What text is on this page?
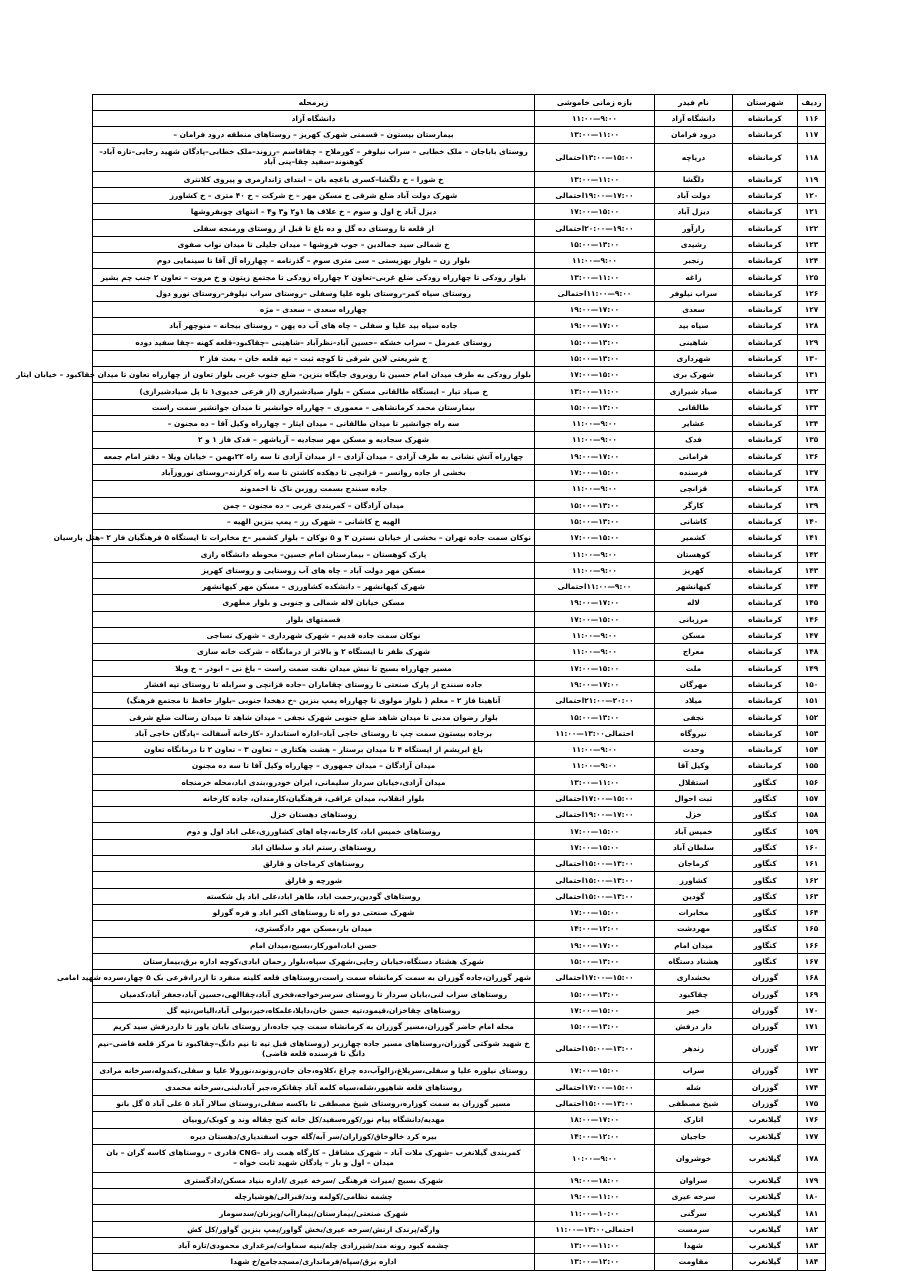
ردیف	شهرستان	نام فیدر	بازه زمانی خاموشی	زیرمحله
۱۱۶	کرمانشاه	دانشگاه آزاد	۹:۰۰—۱۱:۰۰	دانشگاه آزاد
۱۱۷	کرمانشاه	درود فرامان	۱۱:۰۰—۱۳:۰۰	بیمارستان بیستون – قسمتی شهرک کهریز – روستاهای منطقه درود فرامان –
۱۱۸	کرمانشاه	دریاچه	۱۵:۰۰—۱۳:۰۰احتمالی	روستای باباجان – ملک خطابی – سراب نیلوفر – کورملاح – چقاقاسم –رزوند–ملک خطابی–پادگان شهید رجایی–تازه آباد–کوهنوند–سفید چقا–پنی آباد
۱۱۹	کرمانشاه	دلگشا	۱۱:۰۰—۱۳:۰۰	خ شورا – خ دلگشا–کسری باغچه بان – ابتدای ژاندارمری و پیروی کلانتری
۱۲۰	کرمانشاه	دولت آباد	۱۷:۰۰—۱۹:۰۰احتمالی	شهرک دولت آباد ضلع شرقی خ مسکن مهر – خ شرکت – خ ۴۰ متری – خ کشاورز
۱۲۱	کرمانشاه	دیزل آباد	۱۵:۰۰—۱۷:۰۰	دیزل آباد خ اول و سوم – خ علاف ها ۱و۲ و۳ و۴ – انتهای چوبفروشها
۱۲۲	کرمانشاه	رازآور	۱۹:۰۰—۲۰:۰۰احتمالی	از قلعه تا روستای ده گل و ده باغ تا قبل از روستای ورمنجه سفلی
۱۲۳	کرمانشاه	رشیدی	۱۳:۰۰—۱۵:۰۰	خ شمالی سید جمالدین – جوب فروشها – میدان جلیلی تا میدان نواب صفوی
۱۲۴	کرمانشاه	رنجبر	۹:۰۰—۱۱:۰۰	بلوار زن – بلوار بهزیستی – سی متری سوم – گذرنامه – چهارراه آل آقا تا سینمایی دوم
۱۲۵	کرمانشاه	زاغه	۱۱:۰۰—۱۳:۰۰	بلوار رودکی تا چهارراه رودکی ضلع غربی–تعاون ۲ چهارراه رودکی تا مجتمع زیتون و خ مروت – تعاون ۲ جنب چم بشیر
۱۲۶	کرمانشاه	سراب نیلوفر	۹:۰۰—۱۱:۰۰احتمالی	روستای سیاه کمر–روستای بلوه علیا وسفلی –روستای سراب نیلوفر–روستای نورو دول
۱۲۷	کرمانشاه	سعدی	۱۷:۰۰—۱۹:۰۰	چهارراه سعدی – سعدی – مژه
۱۲۸	کرمانشاه	سیاه بید	۱۷:۰۰—۱۹:۰۰	جاده سیاه بید علیا و سفلی – چاه های آب ده پهن – روستای بیجانه – منوچهر آباد
۱۲۹	کرمانشاه	شاهینی	۱۳:۰۰—۱۵:۰۰	روستای عمرمل – سراب خشکه –حسین آباد–نظرآباد –شاهینی –چقاکبود–قلعه کهنه –چقا سفید دوده
۱۳۰	کرمانشاه	شهرداری	۱۳:۰۰—۱۵:۰۰	خ شریعتی لاین شرقی تا کوچه ثبت – تپه قلعه خان – بعث فاز ۲
۱۳۱	کرمانشاه	شهرک بری	۱۵:۰۰—۱۷:۰۰	بلوار رودکی به طرف میدان امام حسین تا روبروی جایگاه بنزین– ضلع جنوب غربی بلوار تعاون از چهارراه تعاون تا میدان چقاکبود – خیابان ایثار
۱۳۲	کرمانشاه	صیاد شیرازی	۱۱:۰۰—۱۳:۰۰	خ صیاد تیار – ایستگاه طالقانی مسکن – بلوار صیادشیرازی (از فرعی خدیوی۱ تا پل صیادشیرازی)
۱۳۳	کرمانشاه	طالقانی	۱۳:۰۰—۱۵:۰۰	بیمارستان محمد کرمانشاهی – معموری – چهارراه جوانشیر تا میدان جوانشیر سمت راست
۱۳۴	کرمانشاه	عشایر	۹:۰۰—۱۱:۰۰	سه راه جوانشیر تا میدان طالقانی – میدان ایثار – چهارراه وکیل آقا – ده مجنون –
۱۳۵	کرمانشاه	فدک	۹:۰۰—۱۱:۰۰	شهرک سجادیه و مسکن مهر سجادیه – آریاشهر – فدک فاز ۱ و ۲
۱۳۶	کرمانشاه	فرامانی	۱۷:۰۰—۱۹:۰۰	چهارراه آتش نشانی به طرف آزادی – میدان آزادی – از میدان آزادی تا سه راه ۲۲بهمن – خیابان ویلا – دفتر امام جمعه
۱۳۷	کرمانشاه	فرسنده	۱۵:۰۰—۱۷:۰۰	بخشی از جاده روانسر – قزانچی تا دهکده کاشتن تا سه راه کرازند–روستای نوروزآباد
۱۳۸	کرمانشاه	قزانچی	۹:۰۰—۱۱:۰۰	جاده سنندج بسمت روزبن ناک تا احمدوند
۱۳۹	کرمانشاه	کارگر	۱۳:۰۰—۱۵:۰۰	میدان آزادگان – کمربندی غربی – ده مجنون – چمن
۱۴۰	کرمانشاه	کاشانی	۱۳:۰۰—۱۵:۰۰	الهیه خ کاشانی – شهرک رز – پمپ بنزین الهیه –
۱۴۱	کرمانشاه	کشمیر	۱۵:۰۰—۱۷:۰۰	نوکان سمت جاده تهران – بخشی از خیابان نسترن ۳ و ۵ نوکان – بلوار کشمیر –خ مخابرات تا ایستگاه ۵ فرهنگیان فاز ۲ –هتل پارسیان
۱۴۲	کرمانشاه	کوهستان	۹:۰۰—۱۱:۰۰	پارک کوهستان – بیمارستان امام حسین– محوطه دانشگاه رازی
۱۴۳	کرمانشاه	کهریز	۹:۰۰—۱۱:۰۰	مسکن مهر دولت آباد – چاه های آب روستایی و روستای کهریز
۱۴۴	کرمانشاه	کیهانشهر	۹:۰۰—۱۱:۰۰احتمالی	شهرک کیهانشهر – دانشکده کشاورزی – مسکن مهر کیهانشهر
۱۴۵	کرمانشاه	لاله	۱۷:۰۰—۱۹:۰۰	مسکن خیابان لاله شمالی و جنوبی و بلوار مطهری
۱۴۶	کرمانشاه	مرزبانی	۱۵:۰۰—۱۷:۰۰	قسمتهای بلوار
۱۴۷	کرمانشاه	مسکن	۹:۰۰—۱۱:۰۰	نوکان سمت جاده قدیم – شهرک شهرداری – شهرک نساجی
۱۴۸	کرمانشاه	معراج	۹:۰۰—۱۱:۰۰	شهرک ظفر تا ایستگاه ۲ و بالاتر از درمانگاه – شرکت خانه سازی
۱۴۹	کرمانشاه	ملت	۱۵:۰۰—۱۷:۰۰	مسیر چهارراه بسیج تا نبش میدان نفت سمت راست – باغ نی – ابوذر – خ ویلا
۱۵۰	کرمانشاه	مهرگان	۱۷:۰۰—۱۹:۰۰	جاده سنندج از پارک صنعتی تا روستای چقاماران –جاده قزانچی و سرابله تا روستای تپه افشار
۱۵۱	کرمانشاه	میلاد	۲۰:۰۰—۲۱:۰۰احتمالی	آناهیتا فاز ۲ – معلم ( بلوار مولوی تا چهارراه پمپ بنزین –خ دهخدا جنوبی –بلوار حافظ تا مجتمع فرهنگ)
۱۵۲	کرمانشاه	نجفی	۱۳:۰۰—۱۵:۰۰	بلوار رضوان مدنی تا میدان شاهد ضلع جنوبی شهرک نجفی – میدان شاهد تا میدان رسالت ضلع شرقی
۱۵۳	کرمانشاه	نیروگاه	احتمالی۱۳:۰۰—۱۱:۰۰	برجاده بیستون سمت چپ تا روستای حاجی آباد–اداره استاندارد –کارخانه آسفالت –پادگان حاجی آباد
۱۵۴	کرمانشاه	وحدت	۹:۰۰—۱۱:۰۰	باغ ابریشم از ایستگاه ۴ تا میدان برستار – هشت هکتاری – تعاون ۳ – تعاون ۲ تا درمانگاه تعاون
۱۵۵	کرمانشاه	وکیل آقا	۹:۰۰—۱۱:۰۰	میدان آزادگان – میدان جمهوری – چهارراه وکیل آقا تا سه ده مجنون
۱۵۶	کنگاور	استقلال	۱۱:۰۰—۱۳:۰۰	میدان آزادی،خیابان سردار سلیمانی، ایران خودرو،بندی اباد،محله خرمنجاه
۱۵۷	کنگاور	ثبت احوال	۱۵:۰۰—۱۷:۰۰احتمالی	بلوار انقلاب، میدان عراقی، فرهنگیان،کارمندان، جاده کارخانه
۱۵۸	کنگاور	خزل	۱۷:۰۰—۱۹:۰۰احتمالی	روستاهای دهستان خزل
۱۵۹	کنگاور	خمیس آباد	۱۵:۰۰—۱۷:۰۰	روستاهای خمیس اباد، کارخانه،چاه اهای کشاورزی،علی اباد اول و دوم
۱۶۰	کنگاور	سلطان آباد	۱۵:۰۰—۱۷:۰۰	روستاهای رستم اباد و سلطان اباد
۱۶۱	کنگاور	کرماجان	۱۳:۰۰—۱۵:۰۰احتمالی	روستاهای کرماجان و قارلق
۱۶۲	کنگاور	کشاورز	۱۳:۰۰—۱۵:۰۰احتمالی	شورچه و قارلق
۱۶۳	کنگاور	گودین	۱۳:۰۰—۱۵:۰۰احتمالی	روستاهای گودین،رحمت اباد، طاهر اباد،علی اباد پل شکسته
۱۶۴	کنگاور	مخابرات	۱۵:۰۰—۱۷:۰۰	شهرک صنعتی دو راه تا روستاهای اکبر اباد و فره گوزلو
۱۶۵	کنگاور	مهردشت	۱۲:۰۰—۱۴:۰۰	میدان بار،مسکن مهر دادگستری،
۱۶۶	کنگاور	میدان امام	۱۷:۰۰—۱۹:۰۰	حسن اباد،امورکار،بسیج،میدان امام
۱۶۷	کنگاور	هشتاد دستگاه	۱۳:۰۰—۱۵:۰۰	شهرک هشتاد دستگاه،خیابان رجایی،شهرک سپاه،بلوار رحمان ابادی،کوچه اداره برق،بیمارستان
۱۶۸	گوزران	بخشداری	۱۵:۰۰—۱۷:۰۰احتمالی	شهر گوزران،جاده گوزران به سمت کرمانشاه سمت راست،روستاهای قلعه کلینه منفرد تا ازدرا،فرعی بک ۵ چهار،سرده شهید امامی
۱۶۹	گوزران	چقاکبود	۱۳:۰۰—۱۵:۰۰	روستاهای سراب لنی،بابان سردار تا روستای سرسرخواجه،فخری آباد،چقاالهی،حسین آباد،جعفر آباد،کدمیان
۱۷۰	گوزران	خیر	۱۵:۰۰—۱۷:۰۰	روستاهای چقاخزان،قیمود،تیه حسن خان،دایلا،علمکاه،خیر،بولی آباد،الیاس،تپه گل
۱۷۱	گوزران	دار درفش	۱۳:۰۰—۱۵:۰۰	محله امام حاضر گوزران،مسیر گوزران به کرمانشاه سمت چپ جاده،از روستای بابان یاور تا داردرفش سید کریم
۱۷۲	گوزران	زندهر	۱۳:۰۰—۱۵:۰۰احتمالی	خ شهید شوکتی گوزران،روستاهای مسیر جاده چهارزبر (روستاهای قبل تیه تا نیم دانگ–چقاکبود تا مرکز قلعه قاضی–نیم دانگ تا فرسنده قلعه قاضی)
۱۷۳	گوزران	سراب	۱۵:۰۰—۱۷:۰۰	روستای نیلوره علیا و سفلی،سرپلاغ،زالوآب،ده چراغ ،کلاوه،جان جان،رونوند،نورولا علیا و سفلی،کندوله،سرخانه مرادی
۱۷۴	گوزران	شله	۱۵:۰۰—۱۷:۰۰احتمالی	روستاهای قلعه شاهپور،شله،سیاه کلمه آباد چقانکره،جبر آباد،لبنی،سرخانه محمدی
۱۷۵	گوزران	شیخ مصطفی	۱۳:۰۰—۱۵:۰۰احتمالی	مسیر گوزران به سمت کوزاره،روستای شیخ مصطفی تا باکسه سفلی،روستای سالار آباد ۵ علی آباد ۵ گل بانو
۱۷۶	گیلانغرب	اتارک	۱۷:۰۰—۱۸:۰۰	مهدیه/دانشگاه پیام نور/کوره‌سفید/کل خانه کنج چقاله وند و کوبک/روبیان
۱۷۷	گیلانغرب	حاجیان	۱۲:۰۰—۱۴:۰۰	بیره کرد خالوخاق/کوزاران/سر آبه/گله جوب اسفندیاری/دهستان دیره
۱۷۸	گیلانغرب	خوشروان	۹:۰۰—۱۰:۰۰	کمربندی گیلانغرب –شهرک ملات آباد – شهرک مشاقل – کارگاه همت زاد –CNG قادری – روستاهای کاسه گران – بان میدان – اول و بار – پادگان شهید ثابت خواه –
۱۷۹	گیلانغرب	سراوان	۱۸:۰۰—۱۹:۰۰	شهرک بسیج /میراث فرهنگی /سرخه عیری /اداره بنیاد مسکن/دادگستری
۱۸۰	گیلانغرب	سرخه عیری	۱۱:۰۰—۱۹:۰۰	چشمه نظامی/کولمه وند/قبرالی/هوشیارچله
۱۸۱	گیلانغرب	سرگنی	۱۰:۰۰—۱۱:۰۰	شهرک صنعتی/بیمارستان/بیماراآب/ویزنان/سدسومار
۱۸۲	گیلانغرب	سرمست	احتمالی۱۳:۰۰—۱۱:۰۰	وارگه/پرندک ارتش/سرخه عیری/بخش گواور/پمپ بنزین گواور/کل کش
۱۸۳	گیلانغرب	شهدا	۱۱:۰۰—۱۳:۰۰	چشمه کبود رونه مند/شیرزادی چله/بنیه سماوات/مرغداری محمودی/تازه آباد
۱۸۴	گیلانغرب	مقاومت	۱۲:۰۰—۱۳:۰۰	اداره برق/سپاه/فرمانداری/مسجدجامع/خ شهدا
